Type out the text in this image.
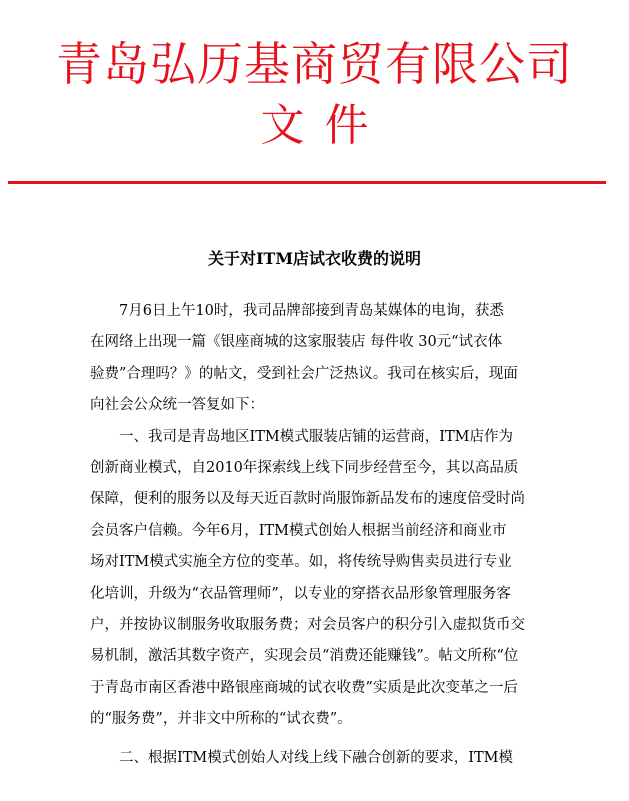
青岛弘历基商贸有限公司
文件
关于对ITM店试衣收费的说明
7月6日上午10时，我司品牌部接到青岛某媒体的电询，获悉
在网络上出现一篇《银座商城的这家服装店 每件收 30元“试衣体
验费”合理吗？》的帖文，受到社会广泛热议。我司在核实后，现面
向社会公众统一答复如下：
一、我司是青岛地区ITM模式服装店铺的运营商，ITM店作为
创新商业模式，自2010年探索线上线下同步经营至今，其以高品质
保障，便利的服务以及每天近百款时尚服饰新品发布的速度倍受时尚
会员客户信赖。今年6月，ITM模式创始人根据当前经济和商业市
场对ITM模式实施全方位的变革。如，将传统导购售卖员进行专业
化培训，升级为“衣品管理师”，以专业的穿搭衣品形象管理服务客
户，并按协议制服务收取服务费；对会员客户的积分引入虚拟货币交
易机制，激活其数字资产，实现会员“消费还能赚钱”。帖文所称“位
于青岛市南区香港中路银座商城的试衣收费”实质是此次变革之一后
的“服务费”，并非文中所称的“试衣费”。
二、根据ITM模式创始人对线上线下融合创新的要求，ITM模
